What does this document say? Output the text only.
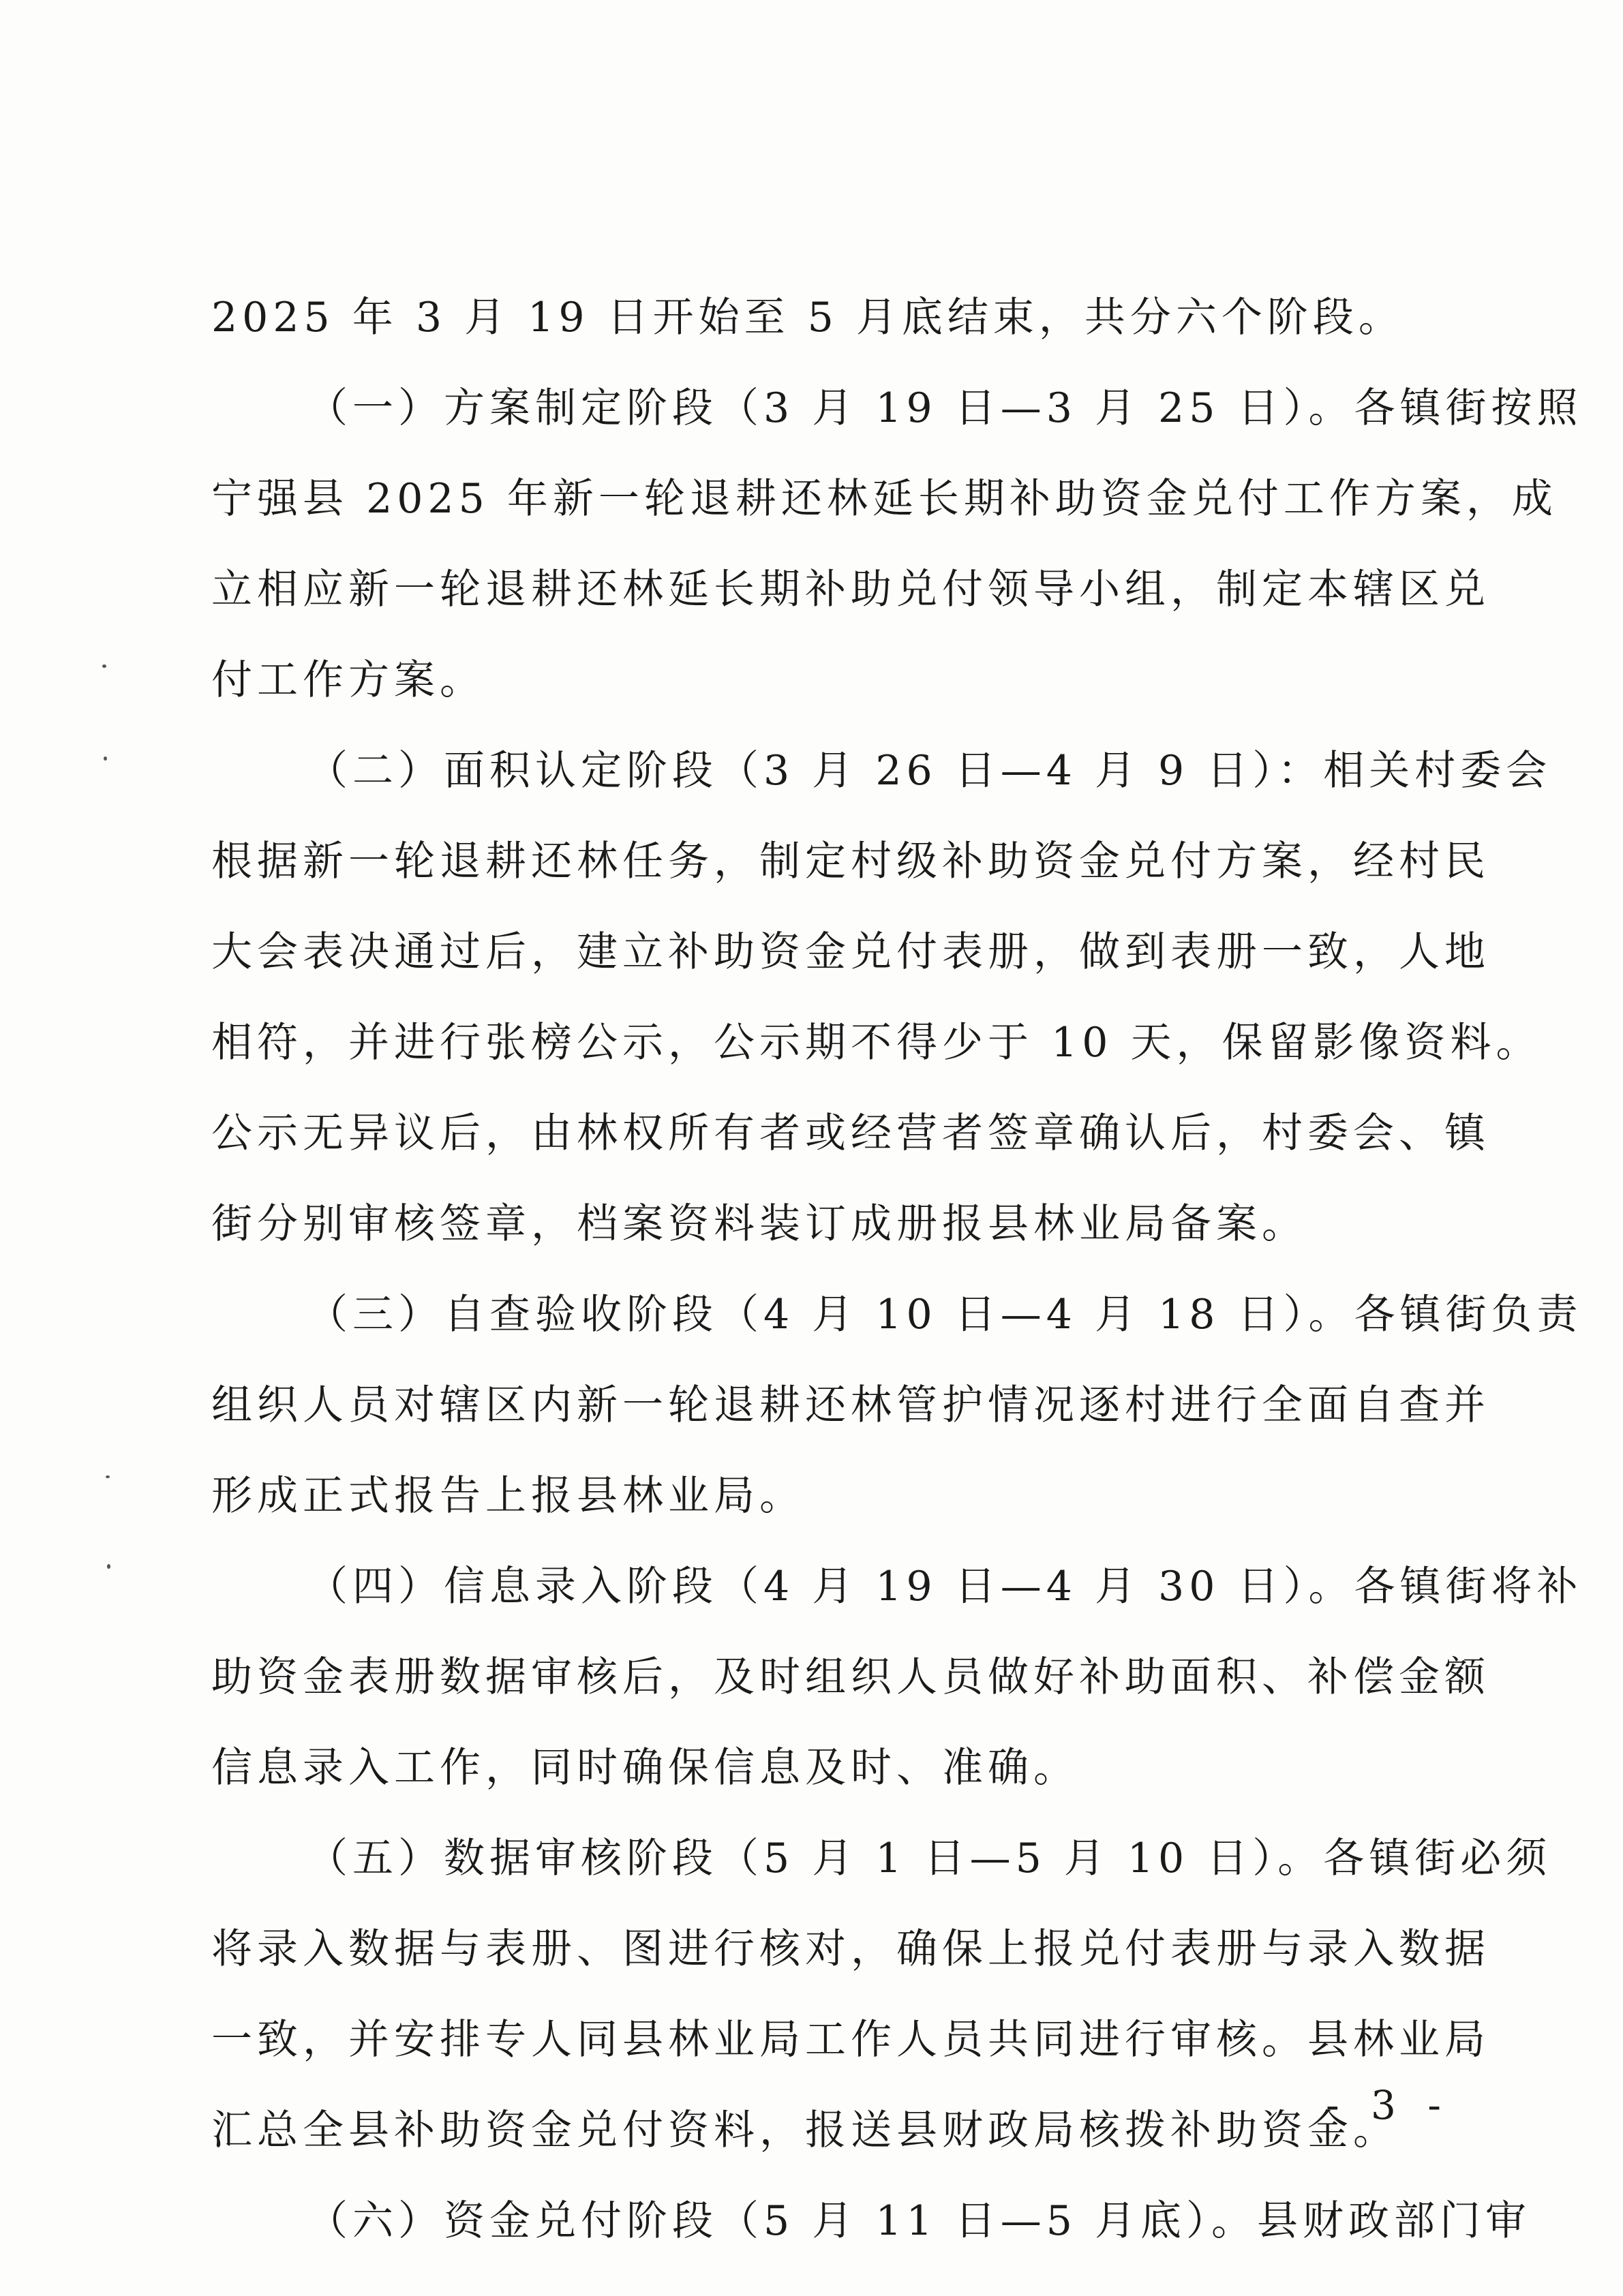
2025 年 3 月 19 日开始至 5 月底结束，共分六个阶段。
（一）方案制定阶段（3 月 19 日—3 月 25 日）。各镇街按照
宁强县 2025 年新一轮退耕还林延长期补助资金兑付工作方案，成
立相应新一轮退耕还林延长期补助兑付领导小组，制定本辖区兑
付工作方案。
（二）面积认定阶段（3 月 26 日—4 月 9 日）：相关村委会
根据新一轮退耕还林任务，制定村级补助资金兑付方案，经村民
大会表决通过后，建立补助资金兑付表册，做到表册一致，人地
相符，并进行张榜公示，公示期不得少于 10 天，保留影像资料。
公示无异议后，由林权所有者或经营者签章确认后，村委会、镇
街分别审核签章，档案资料装订成册报县林业局备案。
（三）自查验收阶段（4 月 10 日—4 月 18 日）。各镇街负责
组织人员对辖区内新一轮退耕还林管护情况逐村进行全面自查并
形成正式报告上报县林业局。
（四）信息录入阶段（4 月 19 日—4 月 30 日）。各镇街将补
助资金表册数据审核后，及时组织人员做好补助面积、补偿金额
信息录入工作，同时确保信息及时、准确。
（五）数据审核阶段（5 月 1 日—5 月 10 日）。各镇街必须
将录入数据与表册、图进行核对，确保上报兑付表册与录入数据
一致，并安排专人同县林业局工作人员共同进行审核。县林业局
汇总全县补助资金兑付资料，报送县财政局核拨补助资金。
（六）资金兑付阶段（5 月 11 日—5 月底）。县财政部门审
- 3 -
